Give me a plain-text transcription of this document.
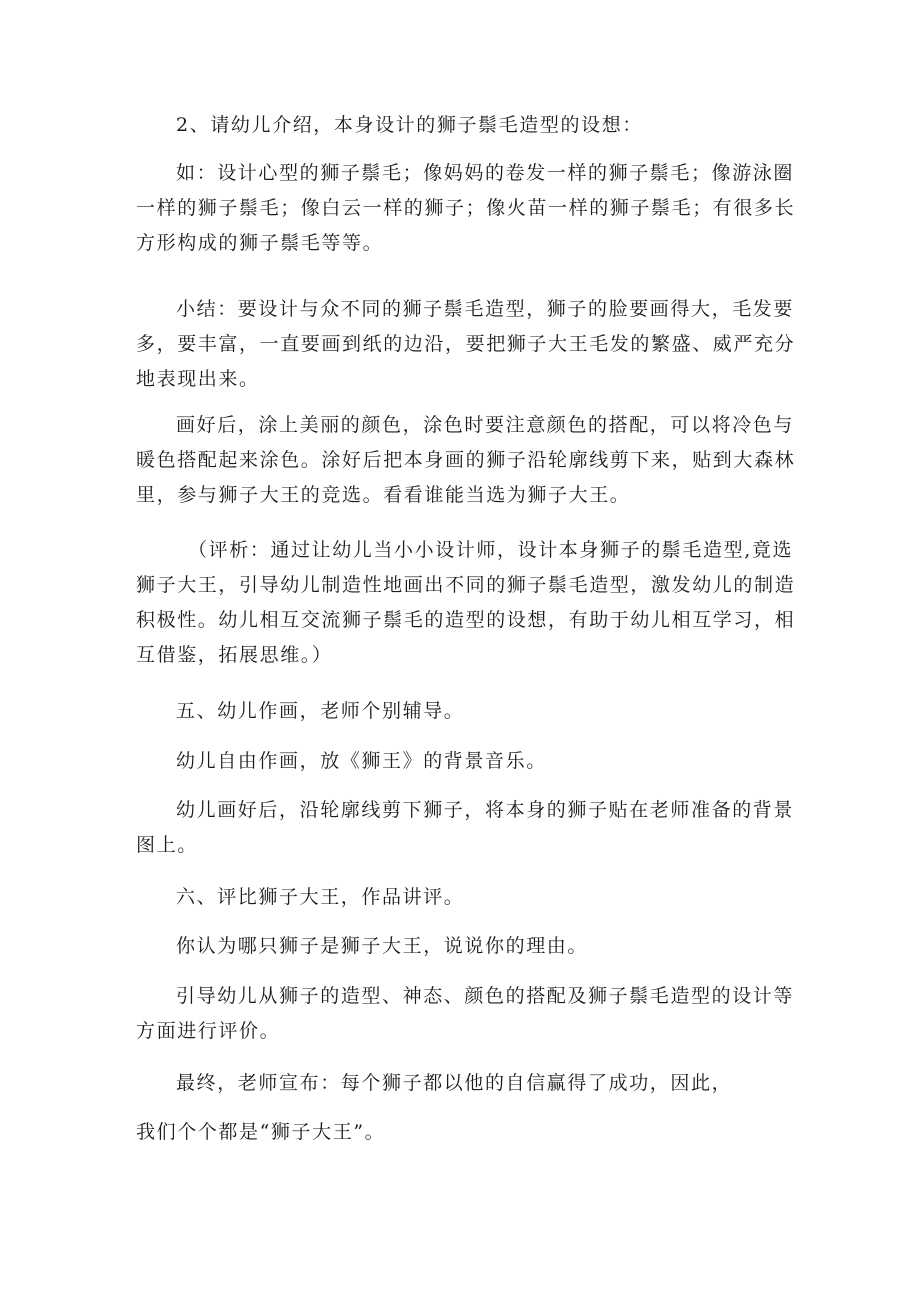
2、请幼儿介绍，本身设计的狮子鬃毛造型的设想：

如：设计心型的狮子鬃毛；像妈妈的卷发一样的狮子鬃毛；像游泳圈一样的狮子鬃毛；像白云一样的狮子；像火苗一样的狮子鬃毛；有很多长方形构成的狮子鬃毛等等。

小结：要设计与众不同的狮子鬃毛造型，狮子的脸要画得大，毛发要多，要丰富，一直要画到纸的边沿，要把狮子大王毛发的繁盛、威严充分地表现出来。

画好后，涂上美丽的颜色，涂色时要注意颜色的搭配，可以将冷色与暖色搭配起来涂色。涂好后把本身画的狮子沿轮廓线剪下来，贴到大森林里，参与狮子大王的竞选。看看谁能当选为狮子大王。

（评析：通过让幼儿当小小设计师，设计本身狮子的鬃毛造型,竟选狮子大王，引导幼儿制造性地画出不同的狮子鬃毛造型，激发幼儿的制造积极性。幼儿相互交流狮子鬃毛的造型的设想，有助于幼儿相互学习，相互借鉴，拓展思维。）

五、幼儿作画，老师个别辅导。

幼儿自由作画，放《狮王》的背景音乐。

幼儿画好后，沿轮廓线剪下狮子，将本身的狮子贴在老师准备的背景图上。

六、评比狮子大王，作品讲评。

你认为哪只狮子是狮子大王，说说你的理由。

引导幼儿从狮子的造型、神态、颜色的搭配及狮子鬃毛造型的设计等方面进行评价。

最终，老师宣布：每个狮子都以他的自信赢得了成功，因此，

我们个个都是“狮子大王”。
